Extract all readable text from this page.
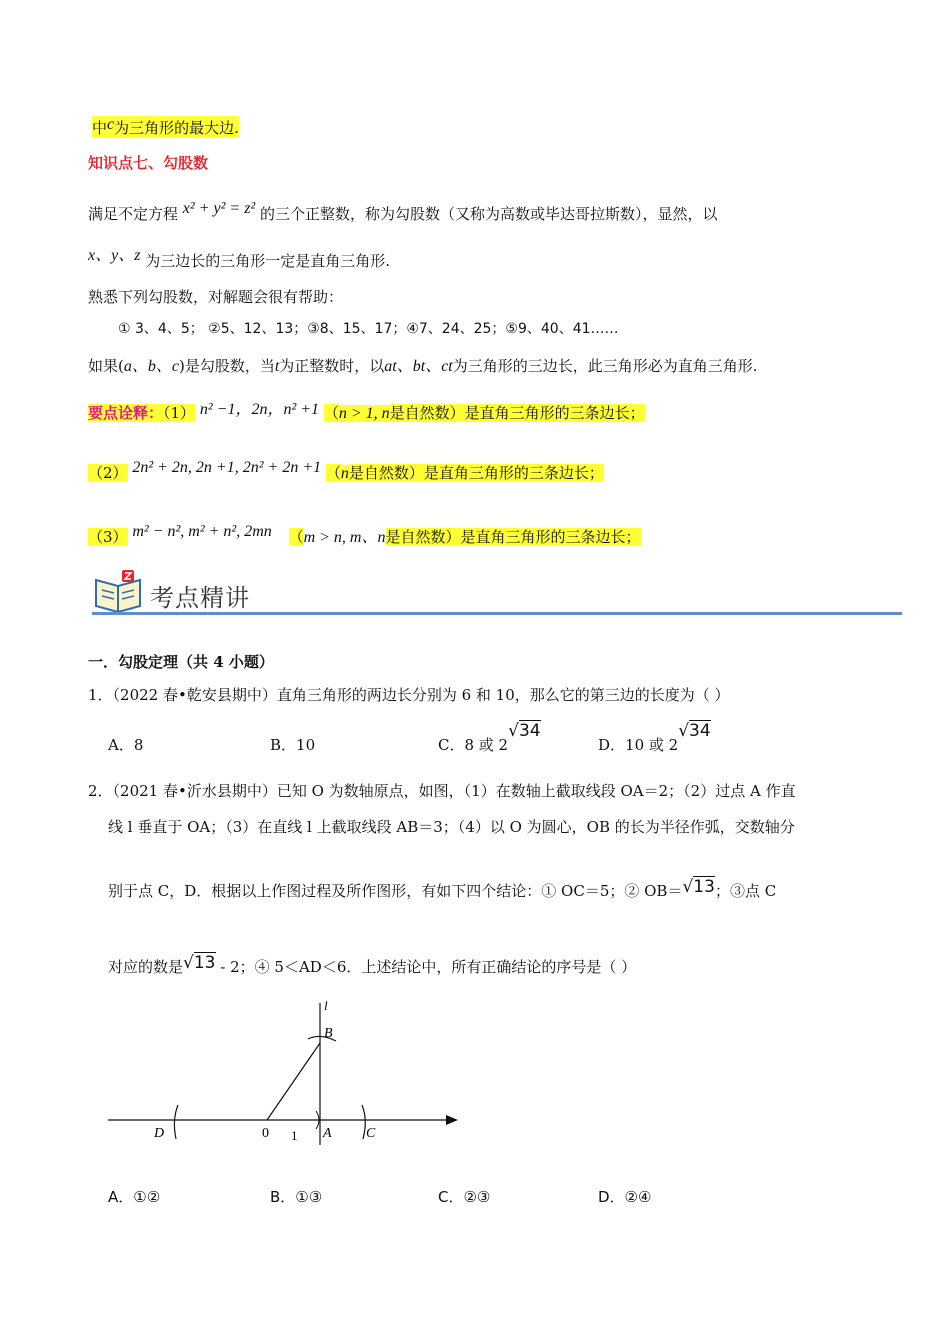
中c为三角形的最大边.
知识点七、勾股数
满足不定方程 x² + y² = z² 的三个正整数，称为勾股数（又称为高数或毕达哥拉斯数），显然，以
x、y、z 为三边长的三角形一定是直角三角形.
熟悉下列勾股数，对解题会很有帮助：
① 3、4、5； ②5、12、13；③8、15、17；④7、24、25；⑤9、40、41……
如果(a、b、c)是勾股数，当t为正整数时，以at、bt、ct为三角形的三边长，此三角形必为直角三角形.
要点诠释：（1） n² −1，2n，n² +1 （n > 1, n是自然数）是直角三角形的三条边长；
（2） 2n² + 2n, 2n +1, 2n² + 2n +1 （n是自然数）是直角三角形的三条边长；
（3） m² − n², m² + n², 2mn （m > n, m、n是自然数）是直角三角形的三条边长；
考点精讲
一．勾股定理（共 4 小题）
1．（2022 春•乾安县期中）直角三角形的两边长分别为 6 和 10，那么它的第三边的长度为（ ）
A．8	B．10	C．8 或 2√34
D．10 或 2√34
2．（2021 春•沂水县期中）已知 O 为数轴原点，如图，（1）在数轴上截取线段 OA＝2；（2）过点 A 作直
线 l 垂直于 OA；（3）在直线 l 上截取线段 AB＝3；（4）以 O 为圆心，OB 的长为半径作弧，交数轴分
别于点 C，D．根据以上作图过程及所作图形，有如下四个结论：① OC＝5；② OB＝√13；③点 C
对应的数是√13 - 2；④ 5＜AD＜6．上述结论中，所有正确结论的序号是（ ）
l
B
D	0 1 A C
A．①②	B．①③	C．②③	D．②④
